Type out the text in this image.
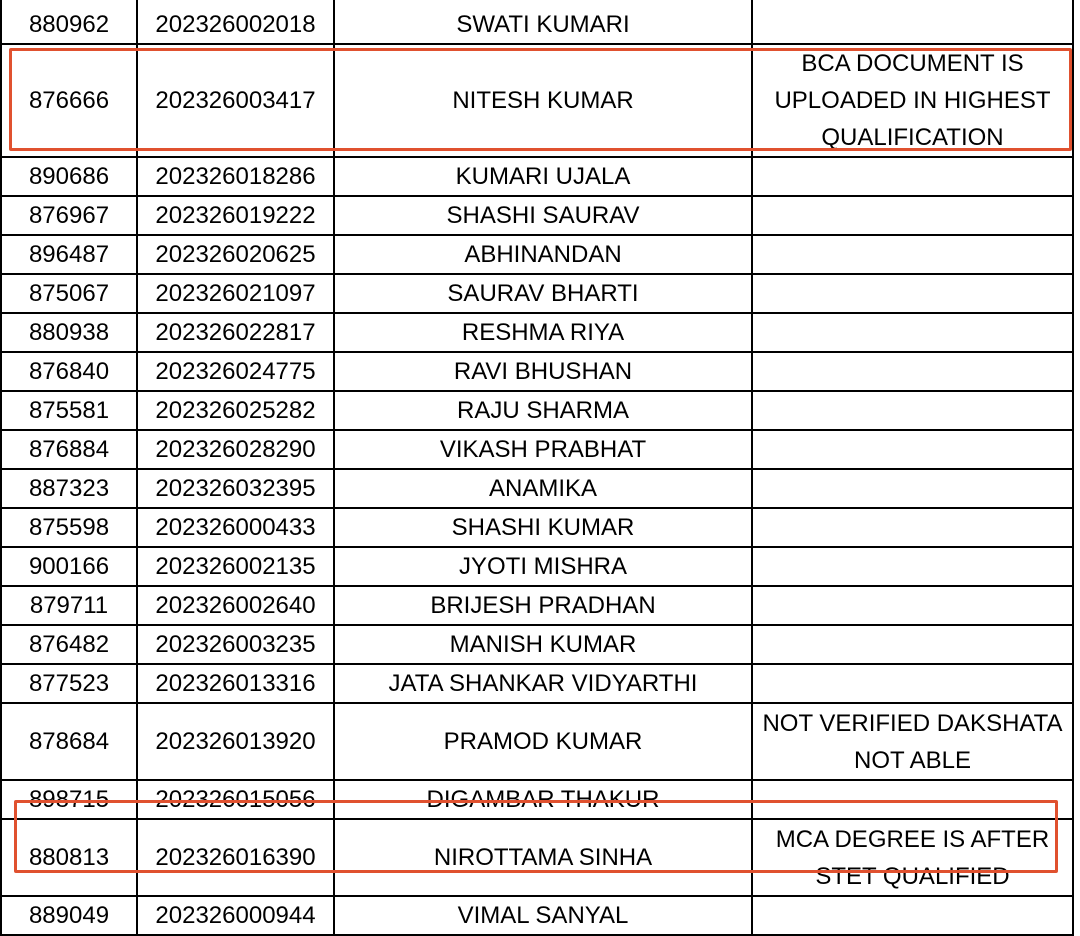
880962	202326002018	SWATI KUMARI	
876666	202326003417	NITESH KUMAR	BCA DOCUMENT IS UPLOADED IN HIGHEST QUALIFICATION
890686	202326018286	KUMARI UJALA	
876967	202326019222	SHASHI SAURAV	
896487	202326020625	ABHINANDAN	
875067	202326021097	SAURAV BHARTI	
880938	202326022817	RESHMA RIYA	
876840	202326024775	RAVI BHUSHAN	
875581	202326025282	RAJU SHARMA	
876884	202326028290	VIKASH PRABHAT	
887323	202326032395	ANAMIKA	
875598	202326000433	SHASHI KUMAR	
900166	202326002135	JYOTI MISHRA	
879711	202326002640	BRIJESH PRADHAN	
876482	202326003235	MANISH KUMAR	
877523	202326013316	JATA SHANKAR VIDYARTHI	
878684	202326013920	PRAMOD KUMAR	NOT VERIFIED DAKSHATA NOT ABLE
898715	202326015056	DIGAMBAR THAKUR	
880813	202326016390	NIROTTAMA SINHA	MCA DEGREE IS AFTER STET QUALIFIED
889049	202326000944	VIMAL SANYAL	
